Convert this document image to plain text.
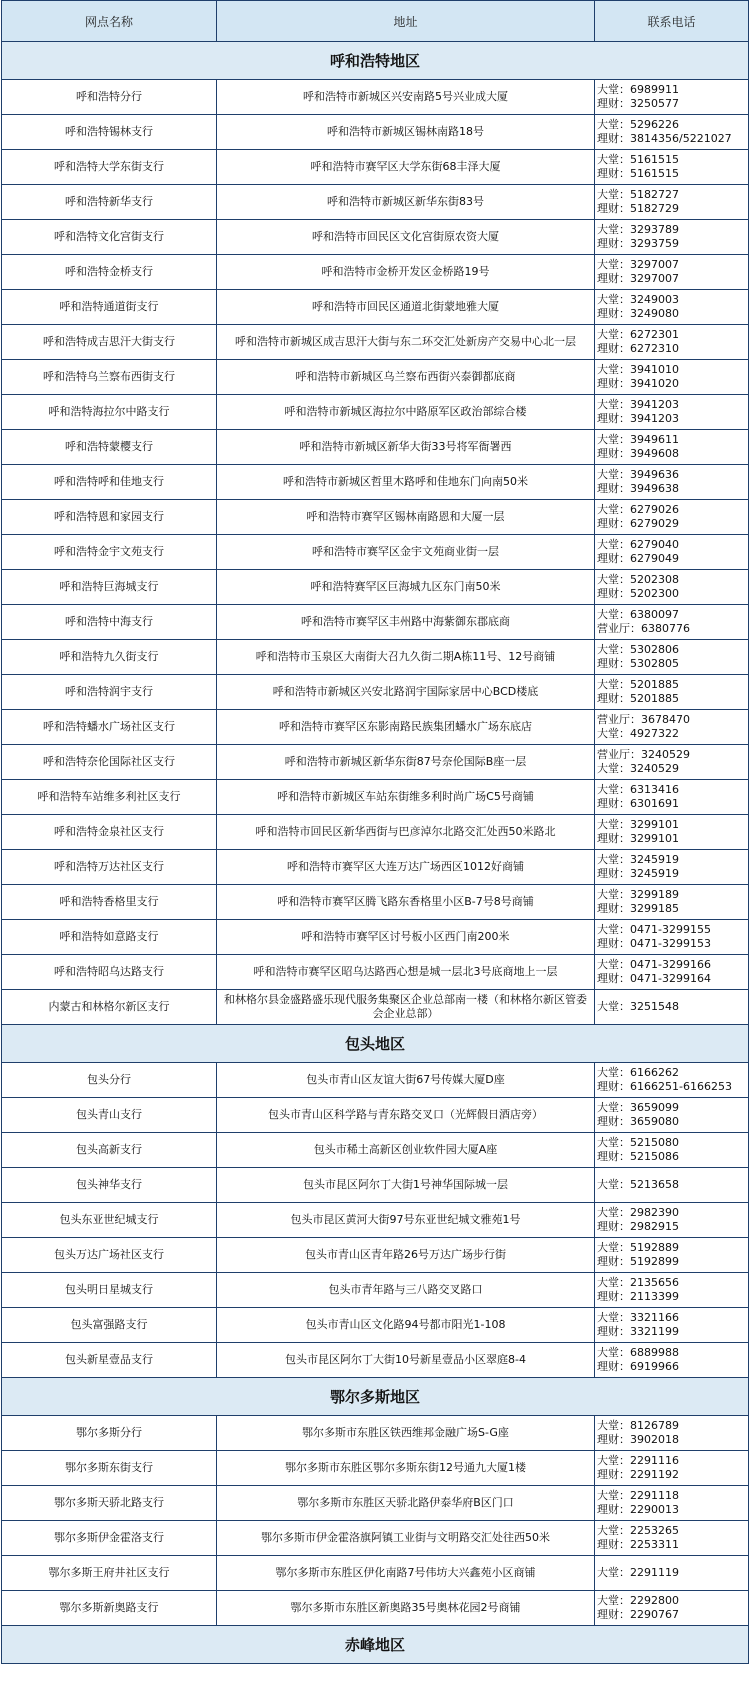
网点名称	地址	联系电话
呼和浩特地区		
呼和浩特分行	呼和浩特市新城区兴安南路5号兴业成大厦	大堂：6989911
理财：3250577

呼和浩特锡林支行	呼和浩特市新城区锡林南路18号	大堂：5296226
理财：3814356/5221027

呼和浩特大学东街支行	呼和浩特市赛罕区大学东街68丰泽大厦	大堂：5161515
理财：5161515

呼和浩特新华支行	呼和浩特市新城区新华东街83号	大堂：5182727
理财：5182729

呼和浩特文化宫街支行	呼和浩特市回民区文化宫街原农资大厦	大堂：3293789
理财：3293759

呼和浩特金桥支行	呼和浩特市金桥开发区金桥路19号	大堂：3297007
理财：3297007

呼和浩特通道街支行	呼和浩特市回民区通道北街蒙地雅大厦	大堂：3249003
理财：3249080

呼和浩特成吉思汗大街支行	呼和浩特市新城区成吉思汗大街与东二环交汇处新房产交易中心北一层	大堂：6272301
理财：6272310

呼和浩特乌兰察布西街支行	呼和浩特市新城区乌兰察布西街兴泰御都底商	大堂：3941010
理财：3941020

呼和浩特海拉尔中路支行	呼和浩特市新城区海拉尔中路原军区政治部综合楼	大堂：3941203
理财：3941203

呼和浩特蒙樱支行	呼和浩特市新城区新华大街33号将军衙署西	大堂：3949611
理财：3949608

呼和浩特呼和佳地支行	呼和浩特市新城区哲里木路呼和佳地东门向南50米	大堂：3949636
理财：3949638

呼和浩特恩和家园支行	呼和浩特市赛罕区锡林南路恩和大厦一层	大堂：6279026
理财：6279029

呼和浩特金宇文苑支行	呼和浩特市赛罕区金宇文苑商业街一层	大堂：6279040
理财：6279049

呼和浩特巨海城支行	呼和浩特赛罕区巨海城九区东门南50米	大堂：5202308
理财：5202300

呼和浩特中海支行	呼和浩特市赛罕区丰州路中海紫御东郡底商	大堂：6380097
营业厅：6380776

呼和浩特九久街支行	呼和浩特市玉泉区大南街大召九久街二期A栋11号、12号商铺	大堂：5302806
理财：5302805

呼和浩特润宇支行	呼和浩特市新城区兴安北路润宇国际家居中心BCD楼底	大堂：5201885
理财：5201885

呼和浩特蟠水广场社区支行	呼和浩特市赛罕区东影南路民族集团蟠水广场东底店	营业厅：3678470
大堂：4927322

呼和浩特奈伦国际社区支行	呼和浩特市新城区新华东街87号奈伦国际B座一层	营业厅：3240529
大堂：3240529

呼和浩特车站维多利社区支行	呼和浩特市新城区车站东街维多利时尚广场C5号商铺	大堂：6313416
理财：6301691

呼和浩特金泉社区支行	呼和浩特市回民区新华西街与巴彦淖尔北路交汇处西50米路北	大堂：3299101
理财：3299101

呼和浩特万达社区支行	呼和浩特市赛罕区大连万达广场西区1012好商铺	大堂：3245919
理财：3245919

呼和浩特香格里支行	呼和浩特市赛罕区腾飞路东香格里小区B-7号8号商铺	大堂：3299189
理财：3299185

呼和浩特如意路支行	呼和浩特市赛罕区讨号板小区西门南200米	大堂：0471-3299155
理财：0471-3299153

呼和浩特昭乌达路支行	呼和浩特市赛罕区昭乌达路西心想是城一层北3号底商地上一层	大堂：0471-3299166
理财：0471-3299164

内蒙古和林格尔新区支行	和林格尔县金盛路盛乐现代服务集聚区企业总部南一楼（和林格尔新区管委会企业总部）	大堂：3251548

包头地区		
包头分行	包头市青山区友谊大街67号传媒大厦D座	大堂：6166262
理财：6166251-6166253

包头青山支行	包头市青山区科学路与青东路交叉口（光辉假日酒店旁）	大堂：3659099
理财：3659080

包头高新支行	包头市稀土高新区创业软件园大厦A座	大堂：5215080
理财：5215086

包头神华支行	包头市昆区阿尔丁大街1号神华国际城一层	大堂：5213658

包头东亚世纪城支行	包头市昆区黄河大街97号东亚世纪城文雅苑1号	大堂：2982390
理财：2982915

包头万达广场社区支行	包头市青山区青年路26号万达广场步行街	大堂：5192889
理财：5192899

包头明日星城支行	包头市青年路与三八路交叉路口	大堂：2135656
理财：2113399

包头富强路支行	包头市青山区文化路94号都市阳光1-108	大堂：3321166
理财：3321199

包头新星壹品支行	包头市昆区阿尔丁大街10号新星壹品小区翠庭8-4	大堂：6889988
理财：6919966

鄂尔多斯地区		
鄂尔多斯分行	鄂尔多斯市东胜区铁西维邦金融广场S-G座	大堂：8126789
理财：3902018

鄂尔多斯东街支行	鄂尔多斯市东胜区鄂尔多斯东街12号通九大厦1楼	大堂：2291116
理财：2291192

鄂尔多斯天骄北路支行	鄂尔多斯市东胜区天骄北路伊泰华府B区门口	大堂：2291118
理财：2290013

鄂尔多斯伊金霍洛支行	鄂尔多斯市伊金霍洛旗阿镇工业街与文明路交汇处往西50米	大堂：2253265
理财：2253311

鄂尔多斯王府井社区支行	鄂尔多斯市东胜区伊化南路7号伟坊大兴鑫苑小区商铺	大堂：2291119

鄂尔多斯新奥路支行	鄂尔多斯市东胜区新奥路35号奥林花园2号商铺	大堂：2292800
理财：2290767

赤峰地区		
